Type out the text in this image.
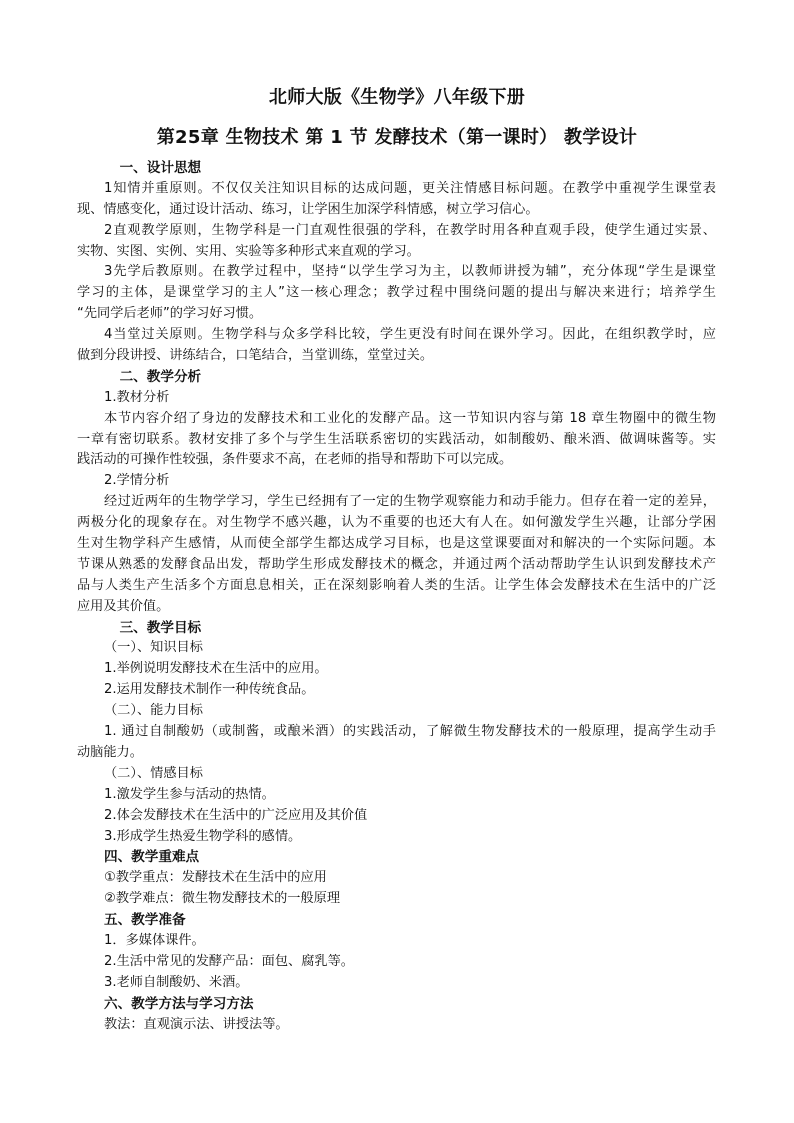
北师大版《生物学》八年级下册
第25章 生物技术 第 1 节 发酵技术（第一课时） 教学设计
　一、设计思想
1知情并重原则。不仅仅关注知识目标的达成问题，更关注情感目标问题。在教学中重视学生课堂表
现、情感变化，通过设计活动、练习，让学困生加深学科情感，树立学习信心。
2直观教学原则，生物学科是一门直观性很强的学科，在教学时用各种直观手段，使学生通过实景、
实物、实图、实例、实用、实验等多种形式来直观的学习。
3先学后教原则。在教学过程中，坚持“以学生学习为主，以教师讲授为辅”，充分体现“学生是课堂
学习的主体，是课堂学习的主人”这一核心理念；教学过程中围绕问题的提出与解决来进行；培养学生
“先同学后老师”的学习好习惯。
4当堂过关原则。生物学科与众多学科比较，学生更没有时间在课外学习。因此，在组织教学时，应
做到分段讲授、讲练结合，口笔结合，当堂训练，堂堂过关。
　二、教学分析
1.教材分析
本节内容介绍了身边的发酵技术和工业化的发酵产品。这一节知识内容与第 18 章生物圈中的微生物
一章有密切联系。教材安排了多个与学生生活联系密切的实践活动，如制酸奶、酿米酒、做调味酱等。实
践活动的可操作性较强，条件要求不高，在老师的指导和帮助下可以完成。
2.学情分析
经过近两年的生物学学习，学生已经拥有了一定的生物学观察能力和动手能力。但存在着一定的差异，
两极分化的现象存在。对生物学不感兴趣，认为不重要的也还大有人在。如何激发学生兴趣，让部分学困
生对生物学科产生感情，从而使全部学生都达成学习目标，也是这堂课要面对和解决的一个实际问题。本
节课从熟悉的发酵食品出发，帮助学生形成发酵技术的概念，并通过两个活动帮助学生认识到发酵技术产
品与人类生产生活多个方面息息相关，正在深刻影响着人类的生活。让学生体会发酵技术在生活中的广泛
应用及其价值。
　三、教学目标
（一）、知识目标
1.举例说明发酵技术在生活中的应用。
2.运用发酵技术制作一种传统食品。
（二）、能力目标
1. 通过自制酸奶（或制酱，或酿米酒）的实践活动，了解微生物发酵技术的一般原理，提高学生动手
动脑能力。
（二）、情感目标
1.激发学生参与活动的热情。
2.体会发酵技术在生活中的广泛应用及其价值
3.形成学生热爱生物学科的感情。
四、教学重难点
①教学重点：发酵技术在生活中的应用
②教学难点：微生物发酵技术的一般原理
五、教学准备
1．多媒体课件。
2.生活中常见的发酵产品：面包、腐乳等。
3.老师自制酸奶、米酒。
六、教学方法与学习方法
教法：直观演示法、讲授法等。
